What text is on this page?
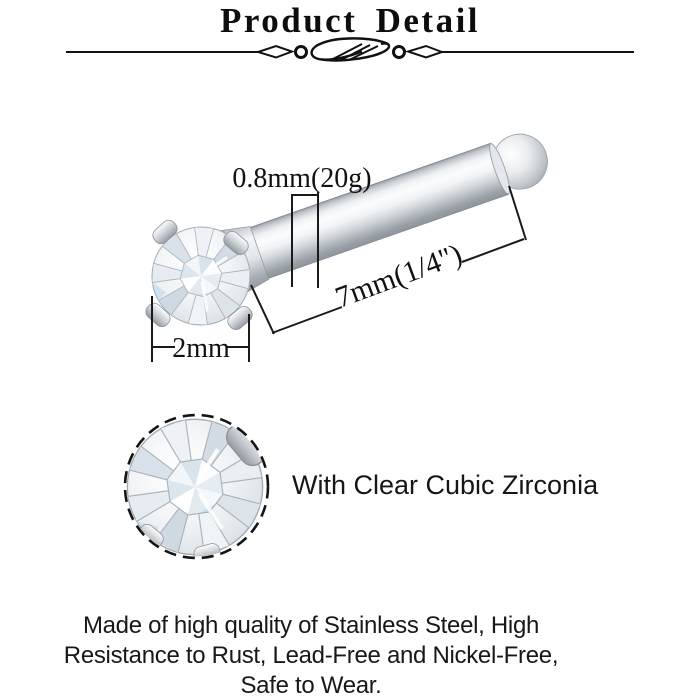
0.8mm(20g)
7mm(1/4")
2mm
Product Detail
With Clear Cubic Zirconia
Made of high quality of Stainless Steel, High
Resistance to Rust, Lead-Free and Nickel-Free,
Safe to Wear.
